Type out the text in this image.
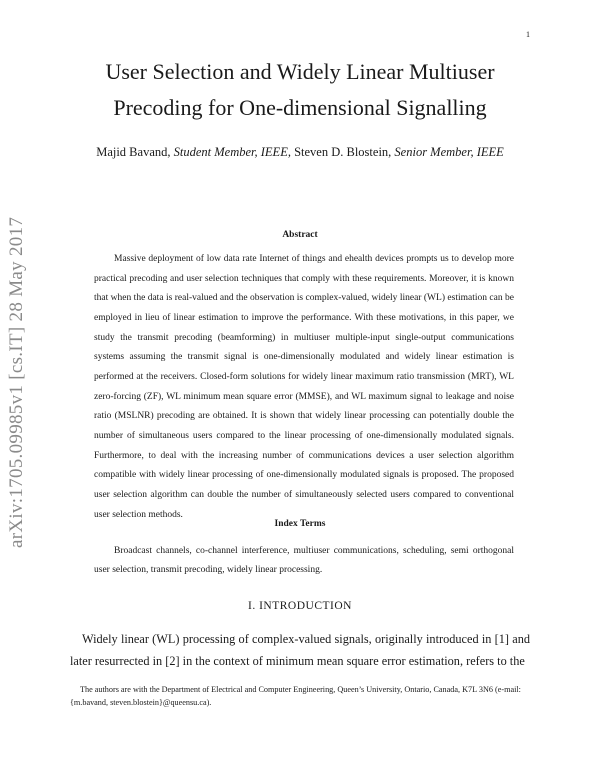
1
arXiv:1705.09985v1 [cs.IT] 28 May 2017
User Selection and Widely Linear Multiuser
Precoding for One-dimensional Signalling
Majid Bavand, Student Member, IEEE, Steven D. Blostein, Senior Member, IEEE
Abstract

Massive deployment of low data rate Internet of things and ehealth devices prompts us to develop more practical precoding and user selection techniques that comply with these requirements. Moreover, it is known that when the data is real-valued and the observation is complex-valued, widely linear (WL) estimation can be employed in lieu of linear estimation to improve the performance. With these motivations, in this paper, we study the transmit precoding (beamforming) in multiuser multiple-input single-output communications systems assuming the transmit signal is one-dimensionally modulated and widely linear estimation is performed at the receivers. Closed-form solutions for widely linear maximum ratio transmission (MRT), WL zero-forcing (ZF), WL minimum mean square error (MMSE), and WL maximum signal to leakage and noise ratio (MSLNR) precoding are obtained. It is shown that widely linear processing can potentially double the number of simultaneous users compared to the linear processing of one-dimensionally modulated signals. Furthermore, to deal with the increasing number of communications devices a user selection algorithm compatible with widely linear processing of one-dimensionally modulated signals is proposed. The proposed user selection algorithm can double the number of simultaneously selected users compared to conventional user selection methods.

Index Terms

Broadcast channels, co-channel interference, multiuser communications, scheduling, semi orthogonal user selection, transmit precoding, widely linear processing.

I. INTRODUCTION

Widely linear (WL) processing of complex-valued signals, originally introduced in [1] and later resurrected in [2] in the context of minimum mean square error estimation, refers to the

The authors are with the Department of Electrical and Computer Engineering, Queen’s University, Ontario, Canada, K7L 3N6 (e-mail: {m.bavand, steven.blostein}@queensu.ca).
